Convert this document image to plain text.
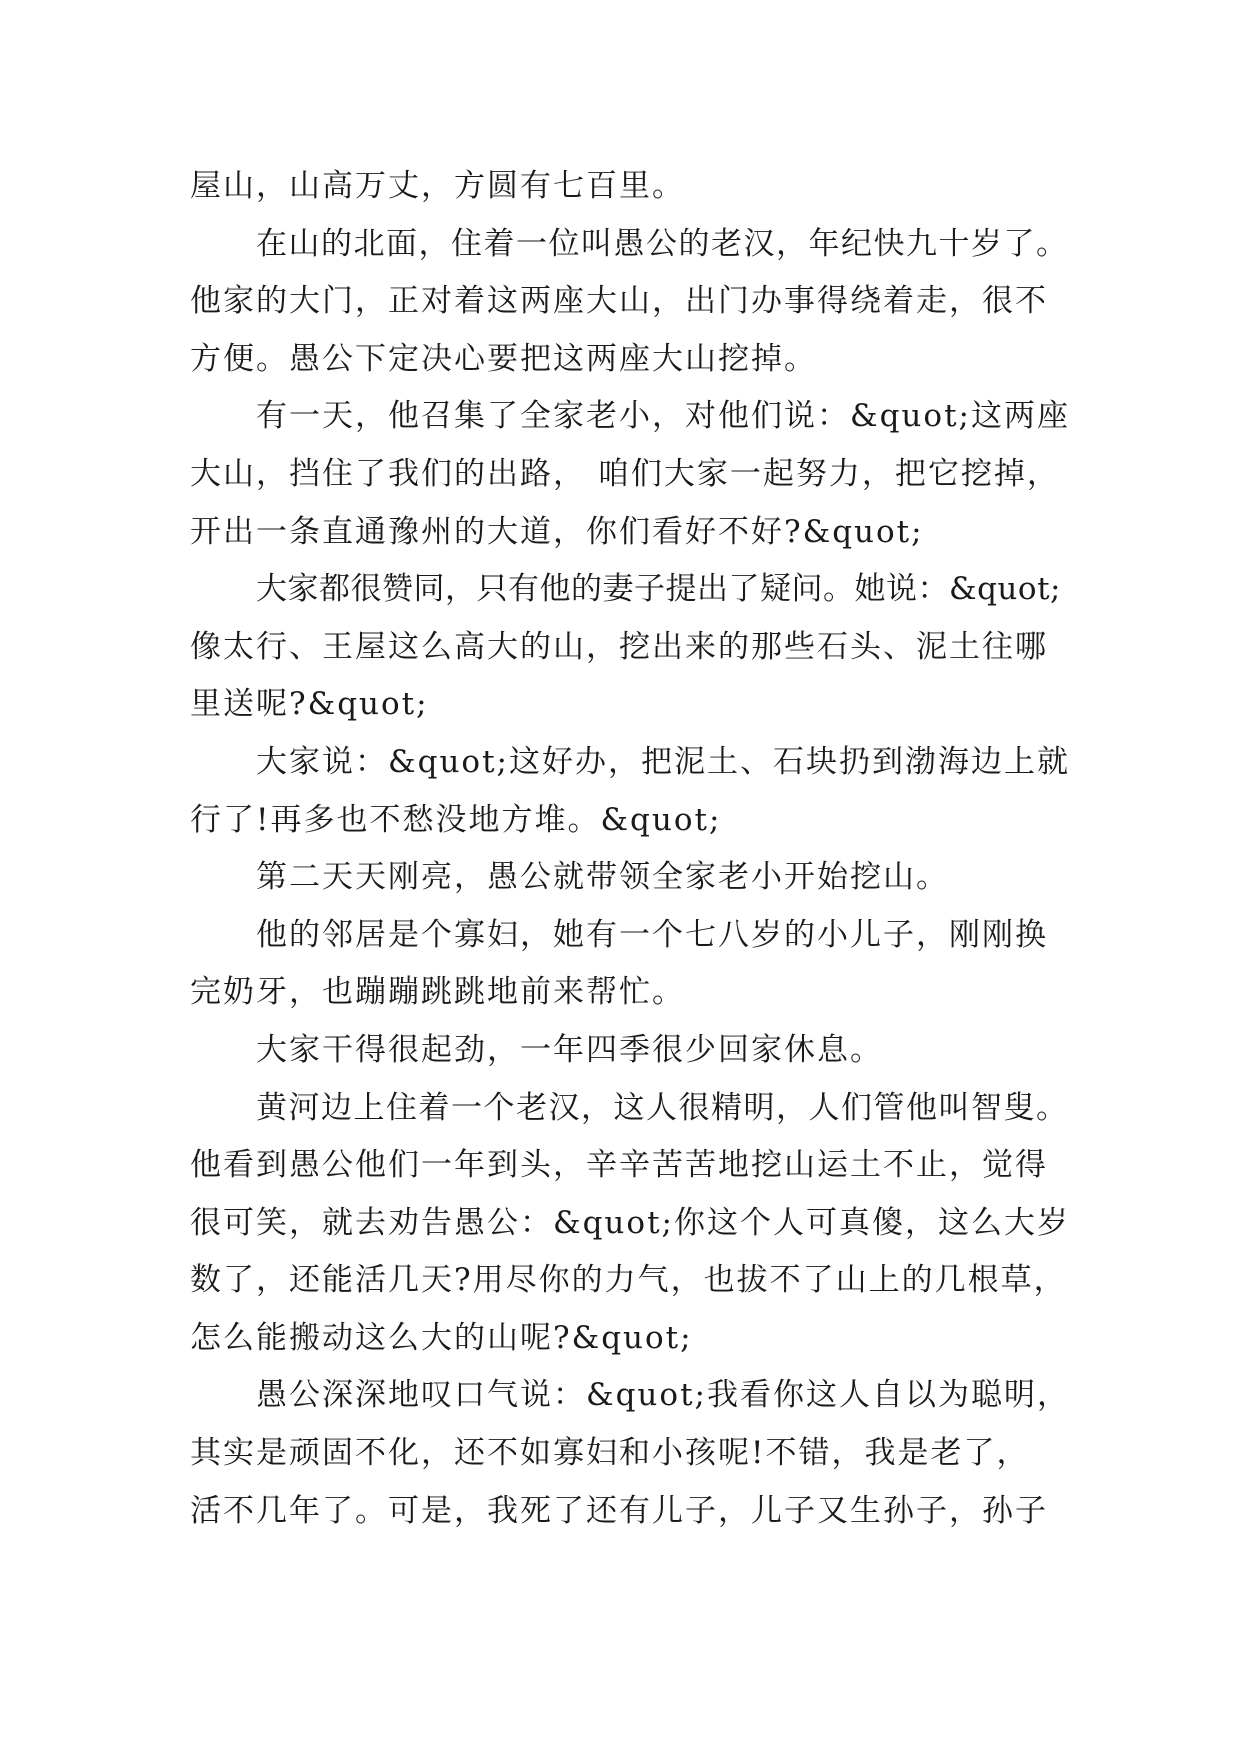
屋山，山高万丈，方圆有七百里。
在山的北面，住着一位叫愚公的老汉，年纪快九十岁了。
他家的大门，正对着这两座大山，出门办事得绕着走，很不
方便。愚公下定决心要把这两座大山挖掉。
有一天，他召集了全家老小，对他们说：&quot;这两座
大山，挡住了我们的出路， 咱们大家一起努力，把它挖掉，
开出一条直通豫州的大道，你们看好不好?&quot;
大家都很赞同，只有他的妻子提出了疑问。她说：&quot;
像太行、王屋这么高大的山，挖出来的那些石头、泥土往哪
里送呢?&quot;
大家说：&quot;这好办，把泥土、石块扔到渤海边上就
行了!再多也不愁没地方堆。&quot;
第二天天刚亮，愚公就带领全家老小开始挖山。
他的邻居是个寡妇，她有一个七八岁的小儿子，刚刚换
完奶牙，也蹦蹦跳跳地前来帮忙。
大家干得很起劲，一年四季很少回家休息。
黄河边上住着一个老汉，这人很精明，人们管他叫智叟。
他看到愚公他们一年到头，辛辛苦苦地挖山运土不止，觉得
很可笑，就去劝告愚公：&quot;你这个人可真傻，这么大岁
数了，还能活几天?用尽你的力气，也拔不了山上的几根草，
怎么能搬动这么大的山呢?&quot;
愚公深深地叹口气说：&quot;我看你这人自以为聪明，
其实是顽固不化，还不如寡妇和小孩呢!不错，我是老了，
活不几年了。可是，我死了还有儿子，儿子又生孙子，孙子
